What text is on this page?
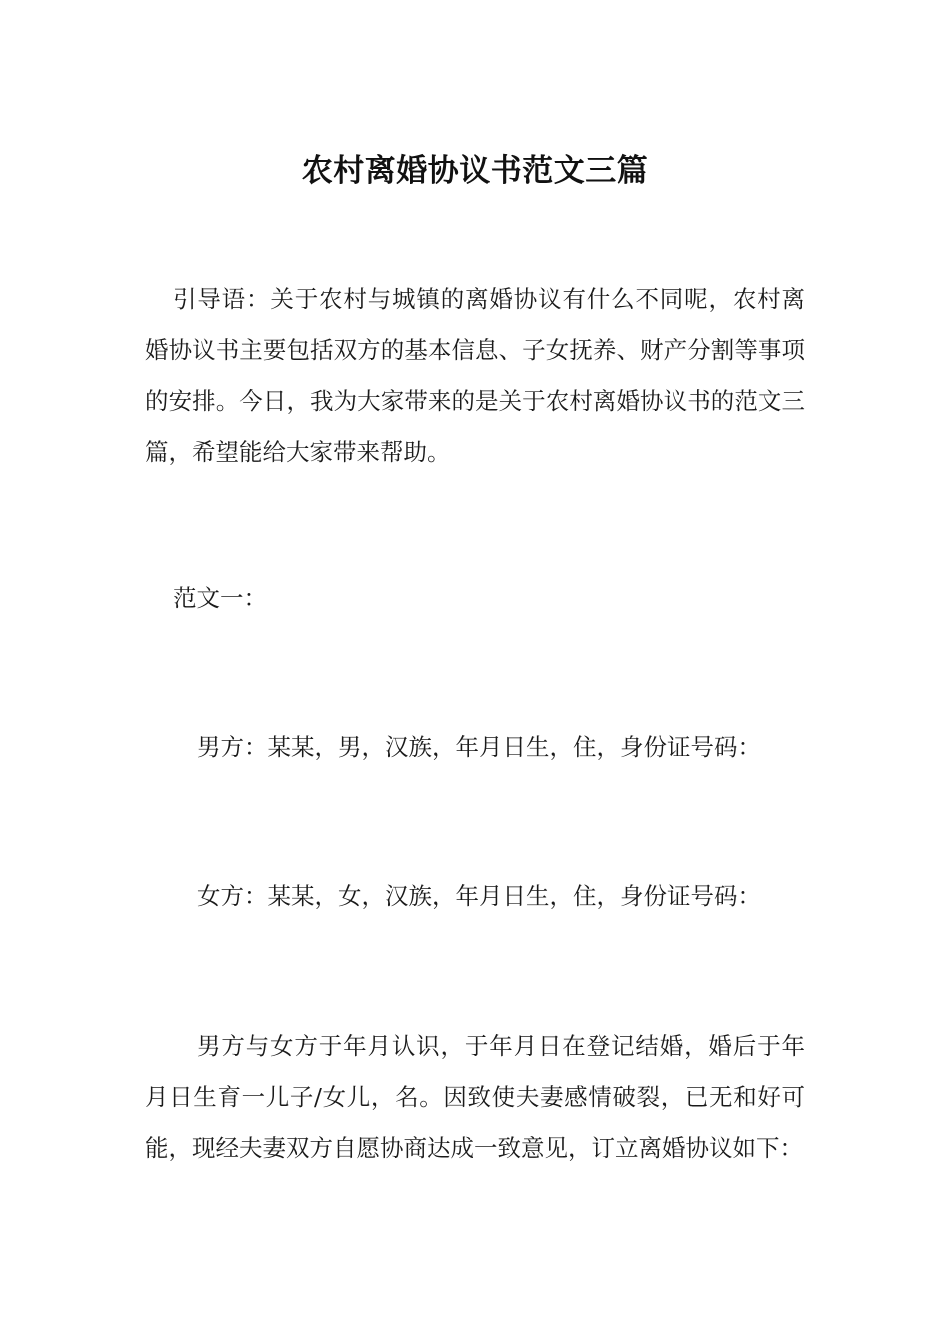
农村离婚协议书范文三篇

引导语：关于农村与城镇的离婚协议有什么不同呢，农村离婚协议书主要包括双方的基本信息、子女抚养、财产分割等事项的安排。今日，我为大家带来的是关于农村离婚协议书的范文三篇，希望能给大家带来帮助。

范文一：

男方：某某，男，汉族，年月日生，住，身份证号码：

女方：某某，女，汉族，年月日生，住，身份证号码：

男方与女方于年月认识，于年月日在登记结婚，婚后于年月日生育一儿子/女儿，名。因致使夫妻感情破裂，已无和好可能，现经夫妻双方自愿协商达成一致意见，订立离婚协议如下：
